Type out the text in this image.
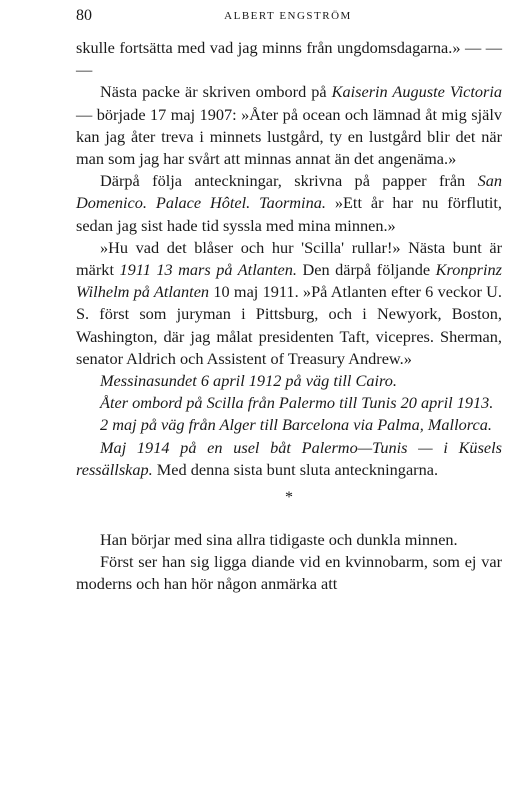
80	ALBERT ENGSTRÖM

skulle fortsätta med vad jag minns från ungdomsdagarna.» — — —

Nästa packe är skriven ombord på Kaiserin Auguste Victoria — började 17 maj 1907: »Åter på ocean och lämnad åt mig själv kan jag åter treva i minnets lustgård, ty en lustgård blir det när man som jag har svårt att minnas annat än det angenäma.»

Därpå följa anteckningar, skrivna på papper från San Domenico. Palace Hôtel. Taormina. »Ett år har nu förflutit, sedan jag sist hade tid syssla med mina minnen.»

»Hu vad det blåser och hur 'Scilla' rullar!» Nästa bunt är märkt 1911 13 mars på Atlanten. Den därpå följande Kronprinz Wilhelm på Atlanten 10 maj 1911. »På Atlanten efter 6 veckor U. S. först som juryman i Pittsburg, och i Newyork, Boston, Washington, där jag målat presidenten Taft, vicepres. Sherman, senator Aldrich och Assistent of Treasury Andrew.»

Messinasundet 6 april 1912 på väg till Cairo.

Åter ombord på Scilla från Palermo till Tunis 20 april 1913.

2 maj på väg från Alger till Barcelona via Palma, Mallorca.

Maj 1914 på en usel båt Palermo—Tunis — i Küsels ressällskap. Med denna sista bunt sluta anteckningarna.

*

Han börjar med sina allra tidigaste och dunkla minnen.

Först ser han sig ligga diande vid en kvinnobarm, som ej var moderns och han hör någon anmärka att
